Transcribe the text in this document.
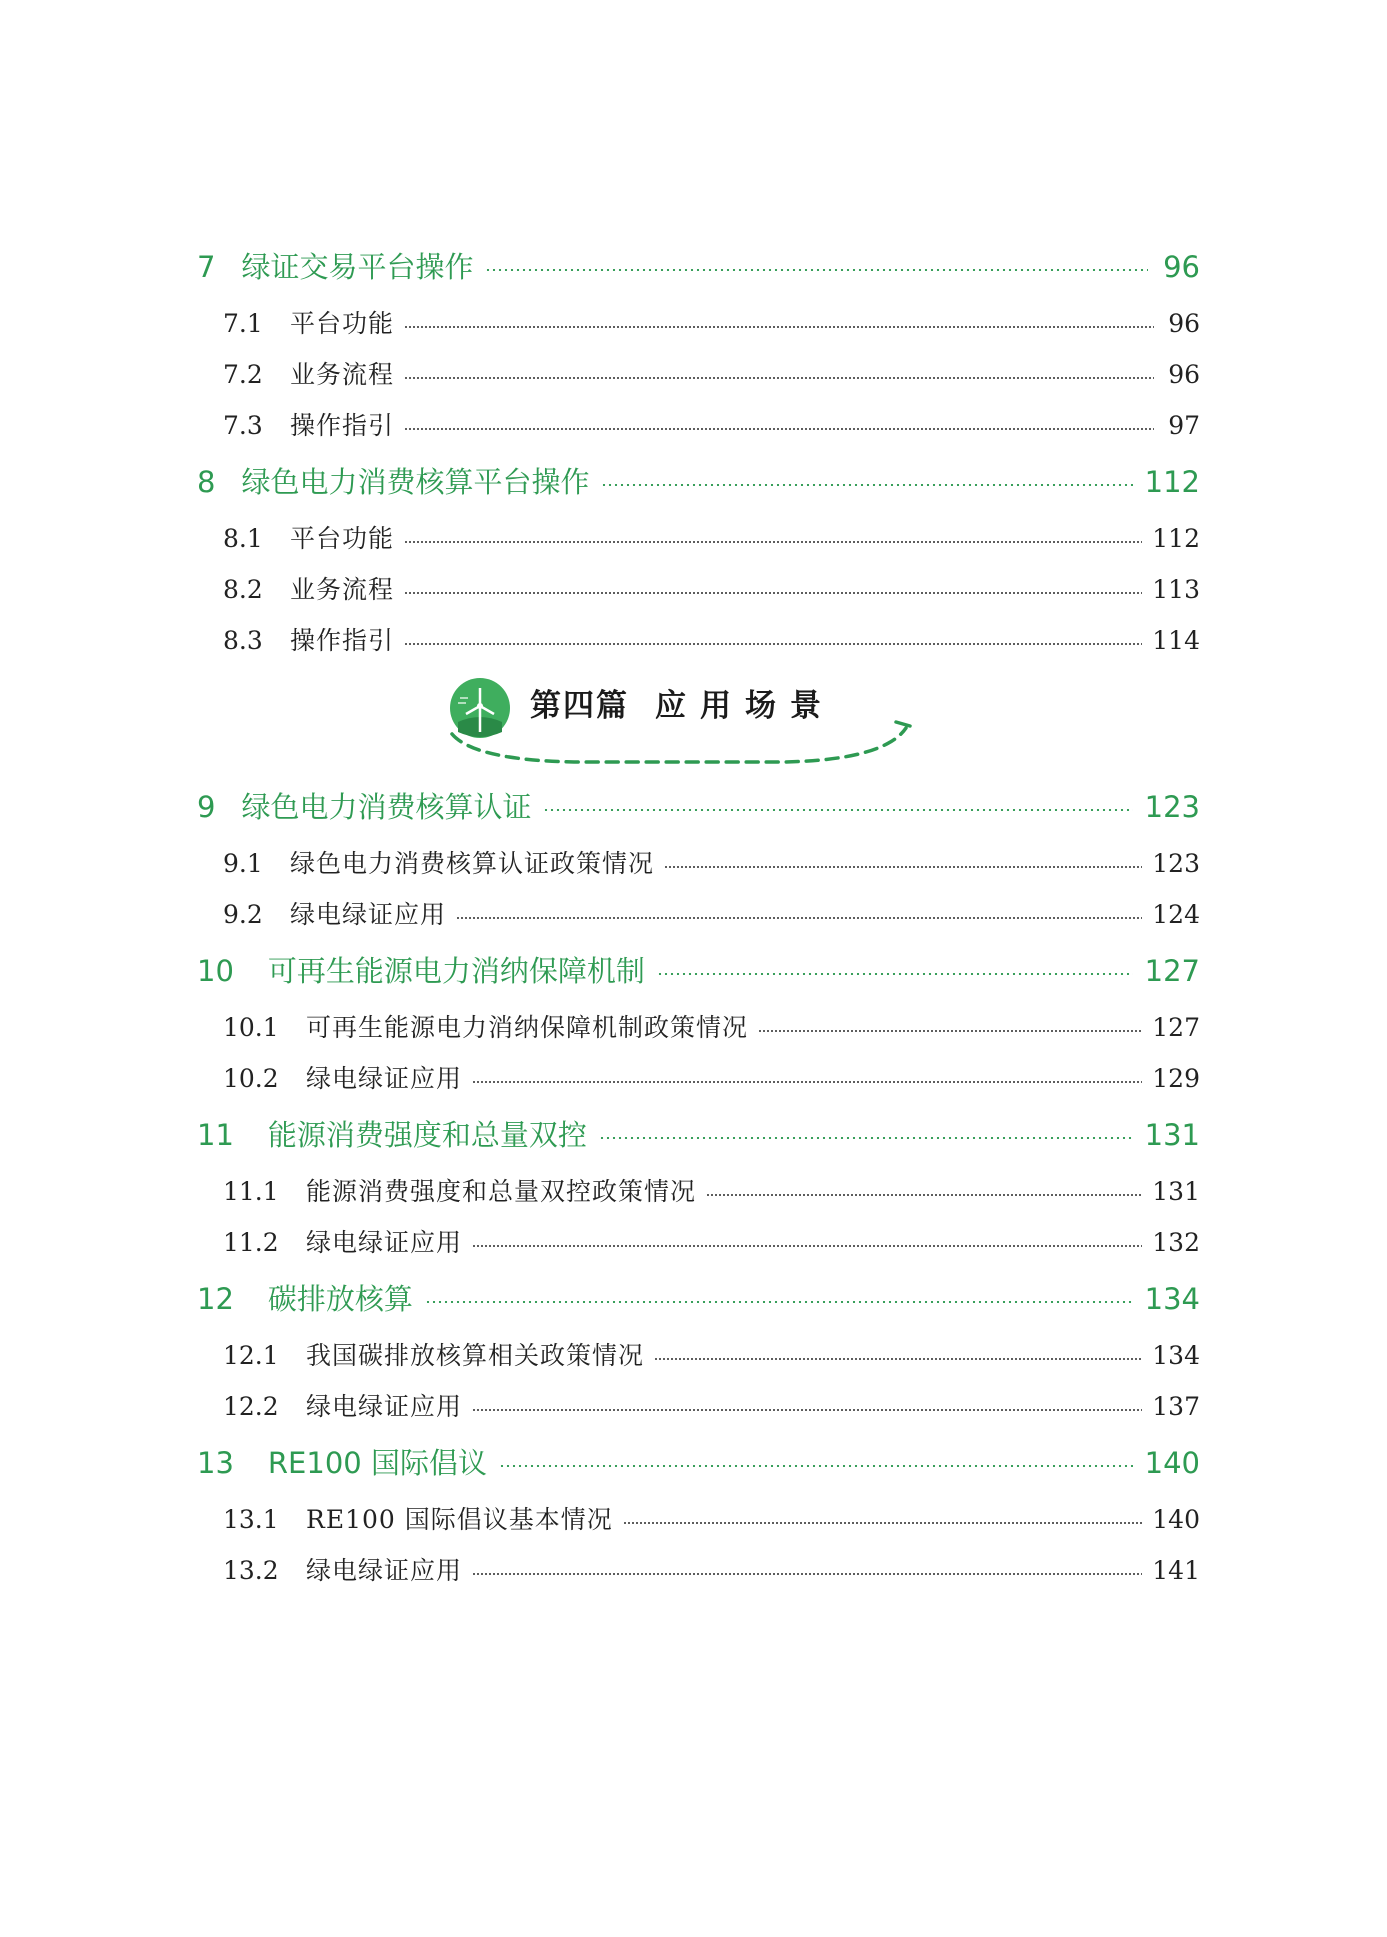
7 绿证交易平台操作	96
7.1	平台功能	96
7.2	业务流程	96
7.3	操作指引	97
8 绿色电力消费核算平台操作	112
8.1	平台功能	112
8.2	业务流程	113
8.3	操作指引	114
第四篇 应用场景
9 绿色电力消费核算认证	123
9.1	绿色电力消费核算认证政策情况	123
9.2	绿电绿证应用	124
10 可再生能源电力消纳保障机制	127
10.1	可再生能源电力消纳保障机制政策情况	127
10.2	绿电绿证应用	129
11 能源消费强度和总量双控	131
11.1	能源消费强度和总量双控政策情况	131
11.2	绿电绿证应用	132
12 碳排放核算	134
12.1	我国碳排放核算相关政策情况	134
12.2	绿电绿证应用	137
13 RE100 国际倡议	140
13.1	RE100 国际倡议基本情况	140
13.2	绿电绿证应用	141
